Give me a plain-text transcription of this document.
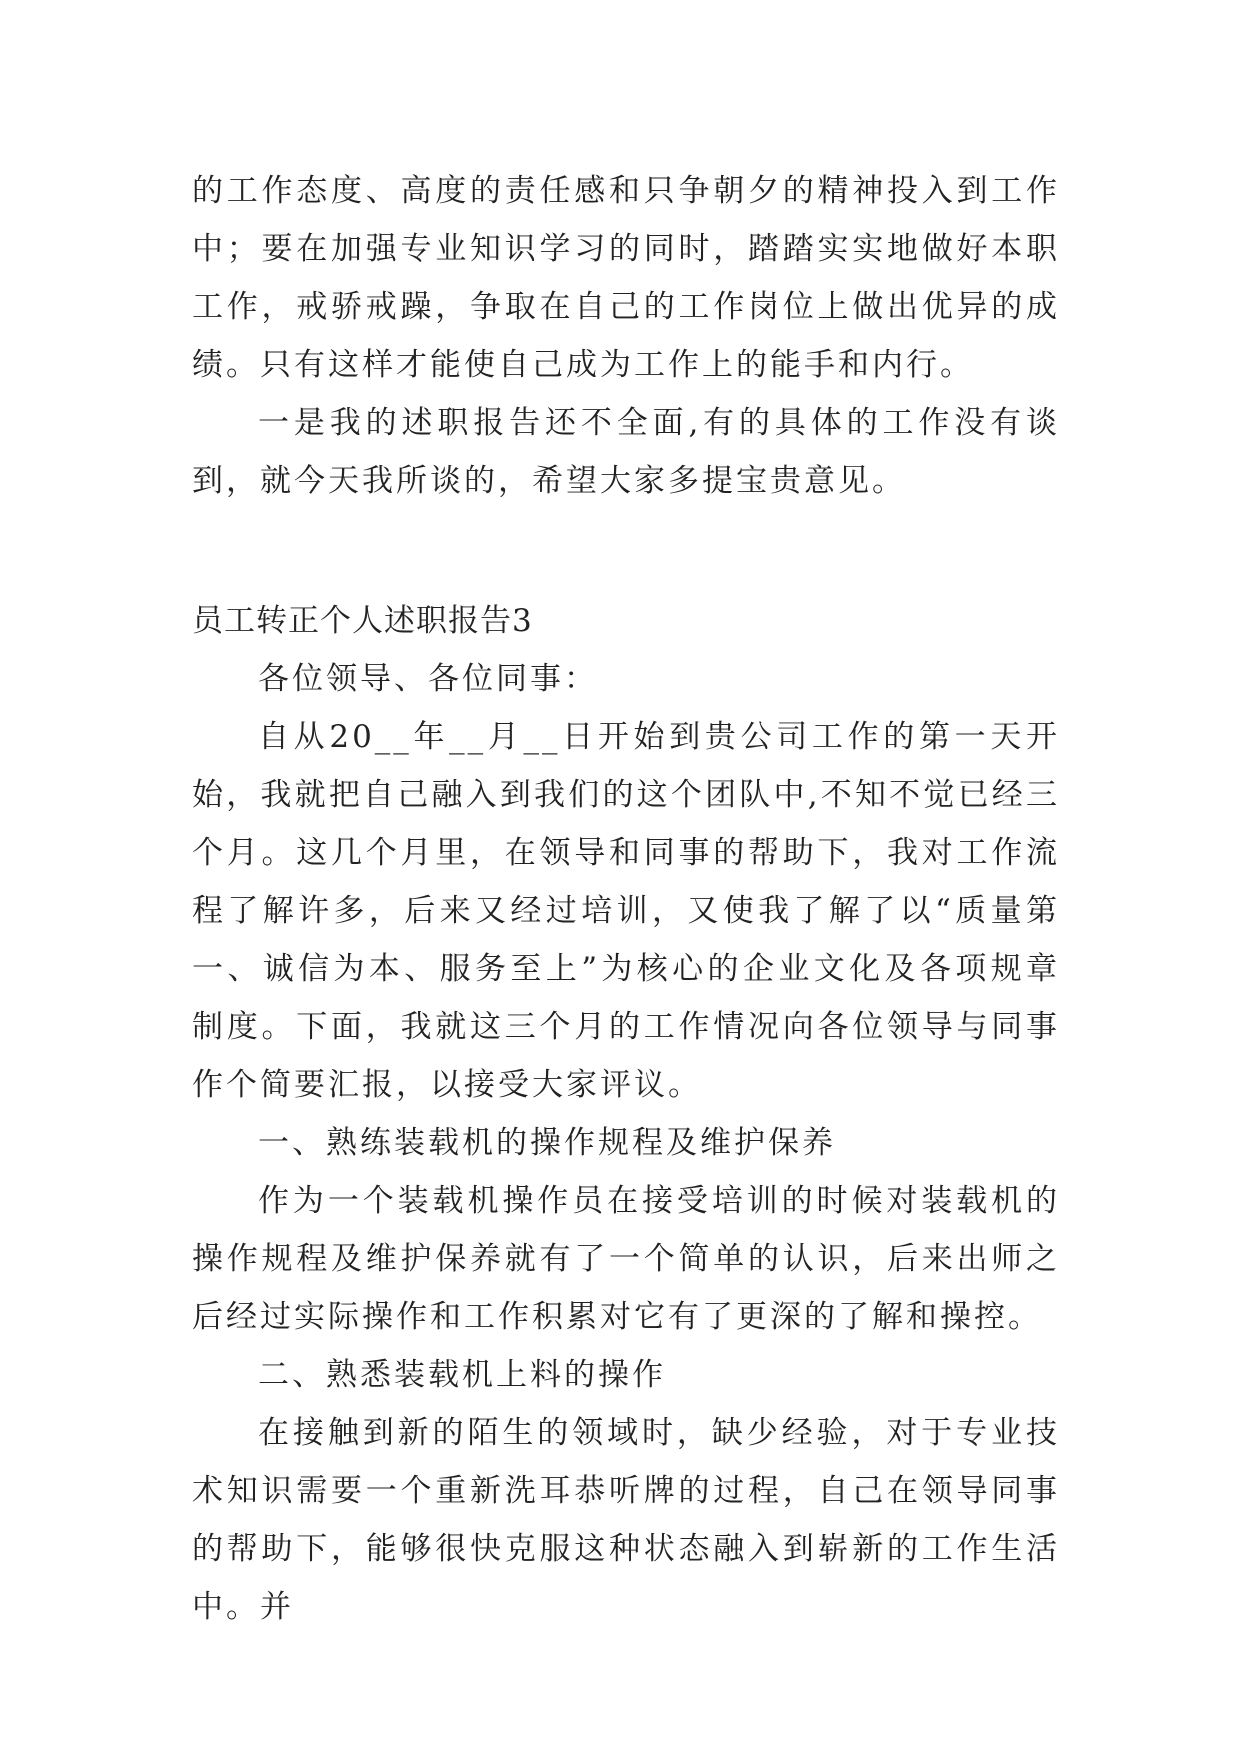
的工作态度、高度的责任感和只争朝夕的精神投入到工作中；要在加强专业知识学习的同时，踏踏实实地做好本职工作，戒骄戒躁，争取在自己的工作岗位上做出优异的成绩。只有这样才能使自己成为工作上的能手和内行。

一是我的述职报告还不全面,有的具体的工作没有谈到，就今天我所谈的，希望大家多提宝贵意见。

员工转正个人述职报告3

各位领导、各位同事：

自从20__年__月__日开始到贵公司工作的第一天开始，我就把自己融入到我们的这个团队中,不知不觉已经三个月。这几个月里，在领导和同事的帮助下，我对工作流程了解许多，后来又经过培训，又使我了解了以“质量第一、诚信为本、服务至上”为核心的企业文化及各项规章制度。下面，我就这三个月的工作情况向各位领导与同事作个简要汇报，以接受大家评议。

一、熟练装载机的操作规程及维护保养

作为一个装载机操作员在接受培训的时候对装载机的操作规程及维护保养就有了一个简单的认识，后来出师之后经过实际操作和工作积累对它有了更深的了解和操控。

二、熟悉装载机上料的操作

在接触到新的陌生的领域时，缺少经验，对于专业技术知识需要一个重新洗耳恭听牌的过程，自己在领导同事的帮助下，能够很快克服这种状态融入到崭新的工作生活中。并
